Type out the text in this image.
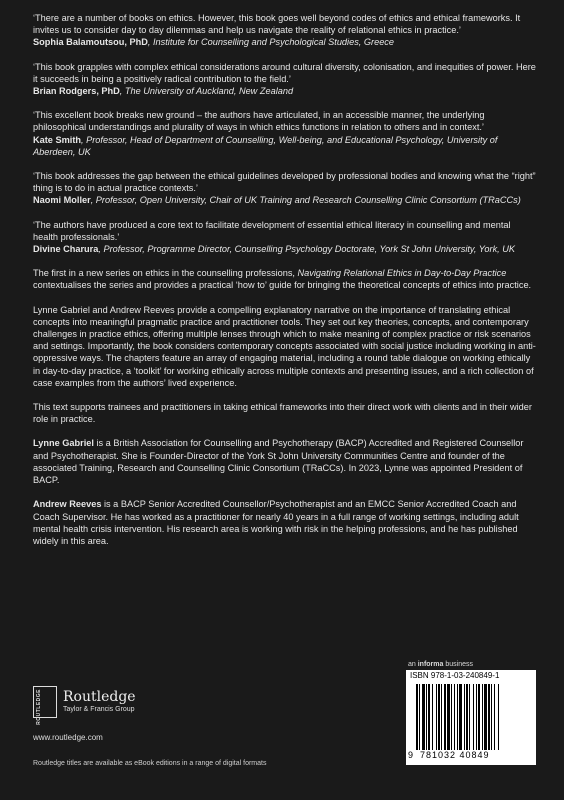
‘There are a number of books on ethics. However, this book goes well beyond codes of ethics and ethical frameworks. It invites us to consider day to day dilemmas and help us navigate the reality of relational ethics in practice.’

Sophia Balamoutsou, PhD, Institute for Counselling and Psychological Studies, Greece

‘This book grapples with complex ethical considerations around cultural diversity, colonisation, and inequities of power. Here it succeeds in being a positively radical contribution to the field.’

Brian Rodgers, PhD, The University of Auckland, New Zealand

‘This excellent book breaks new ground – the authors have articulated, in an accessible manner, the underlying philosophical understandings and plurality of ways in which ethics functions in relation to others and in context.’

Kate Smith, Professor, Head of Department of Counselling, Well-being, and Educational Psychology, University of Aberdeen, UK

‘This book addresses the gap between the ethical guidelines developed by professional bodies and knowing what the “right” thing is to do in actual practice contexts.’

Naomi Moller, Professor, Open University, Chair of UK Training and Research Counselling Clinic Consortium (TRaCCs)

‘The authors have produced a core text to facilitate development of essential ethical literacy in counselling and mental health professionals.’

Divine Charura, Professor, Programme Director, Counselling Psychology Doctorate, York St John University, York, UK

The first in a new series on ethics in the counselling professions, Navigating Relational Ethics in Day-to-Day Practice contextualises the series and provides a practical ‘how to’ guide for bringing the theoretical concepts of ethics into practice.

Lynne Gabriel and Andrew Reeves provide a compelling explanatory narrative on the importance of translating ethical concepts into meaningful pragmatic practice and practitioner tools. They set out key theories, concepts, and contemporary challenges in practice ethics, offering multiple lenses through which to make meaning of complex practice or risk scenarios and settings. Importantly, the book considers contemporary concepts associated with social justice including working in anti-oppressive ways. The chapters feature an array of engaging material, including a round table dialogue on working ethically in day-to-day practice, a ‘toolkit’ for working ethically across multiple contexts and presenting issues, and a rich collection of case examples from the authors’ lived experience.

This text supports trainees and practitioners in taking ethical frameworks into their direct work with clients and in their wider role in practice.

Lynne Gabriel is a British Association for Counselling and Psychotherapy (BACP) Accredited and Registered Counsellor and Psychotherapist. She is Founder-Director of the York St John University Communities Centre and founder of the associated Training, Research and Counselling Clinic Consortium (TRaCCs). In 2023, Lynne was appointed President of BACP.

Andrew Reeves is a BACP Senior Accredited Counsellor/Psychotherapist and an EMCC Senior Accredited Coach and Coach Supervisor. He has worked as a practitioner for nearly 40 years in a full range of working settings, including adult mental health crisis intervention. His research area is working with risk in the helping professions, and he has published widely in this area.

an informa business
ROUTLEDGE Routledge
Taylor & Francis Group
www.routledge.com
Routledge titles are available as eBook editions in a range of digital formats
ISBN 978-1-03-240849-1
9 781032 40849
